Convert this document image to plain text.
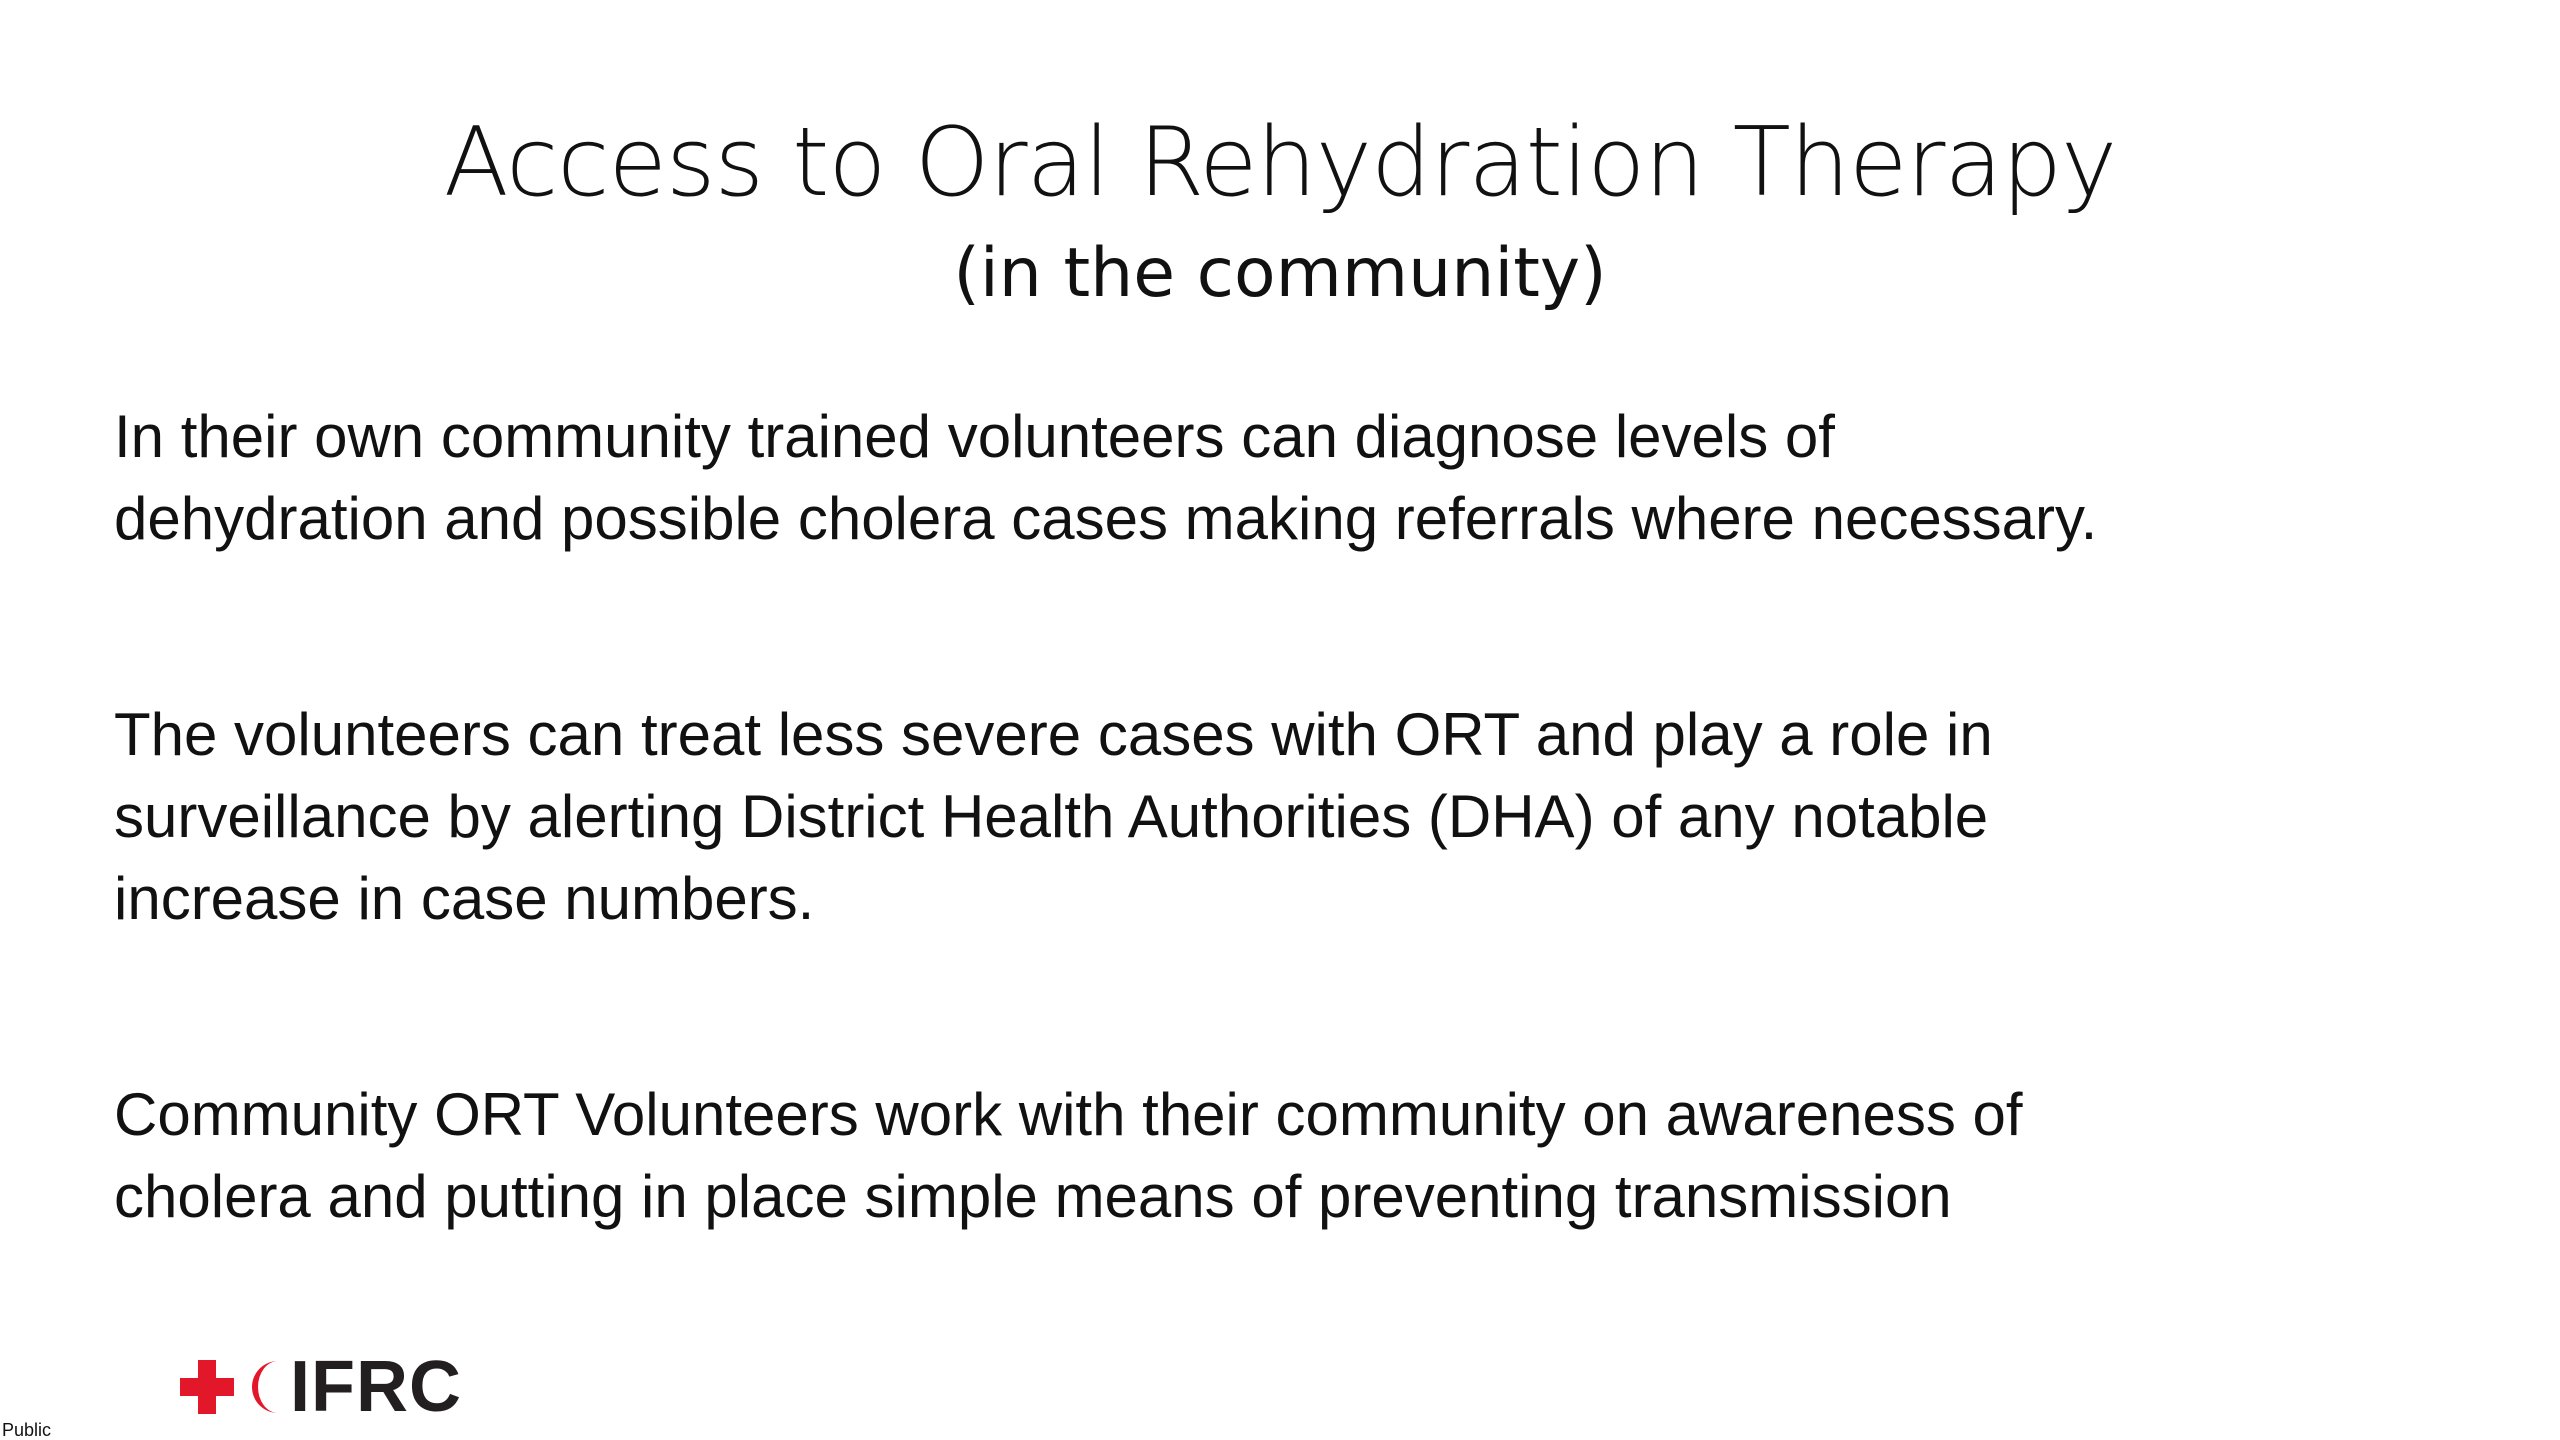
Access to Oral Rehydration Therapy
(in the community)
In their own community trained volunteers can diagnose levels of
dehydration and possible cholera cases making referrals where necessary.
The volunteers can treat less severe cases with ORT and play a role in
surveillance by alerting District Health Authorities (DHA) of any notable
increase in case numbers.
Community ORT Volunteers work with their community on awareness of
cholera and putting in place simple means of preventing transmission
IFRC
Public
